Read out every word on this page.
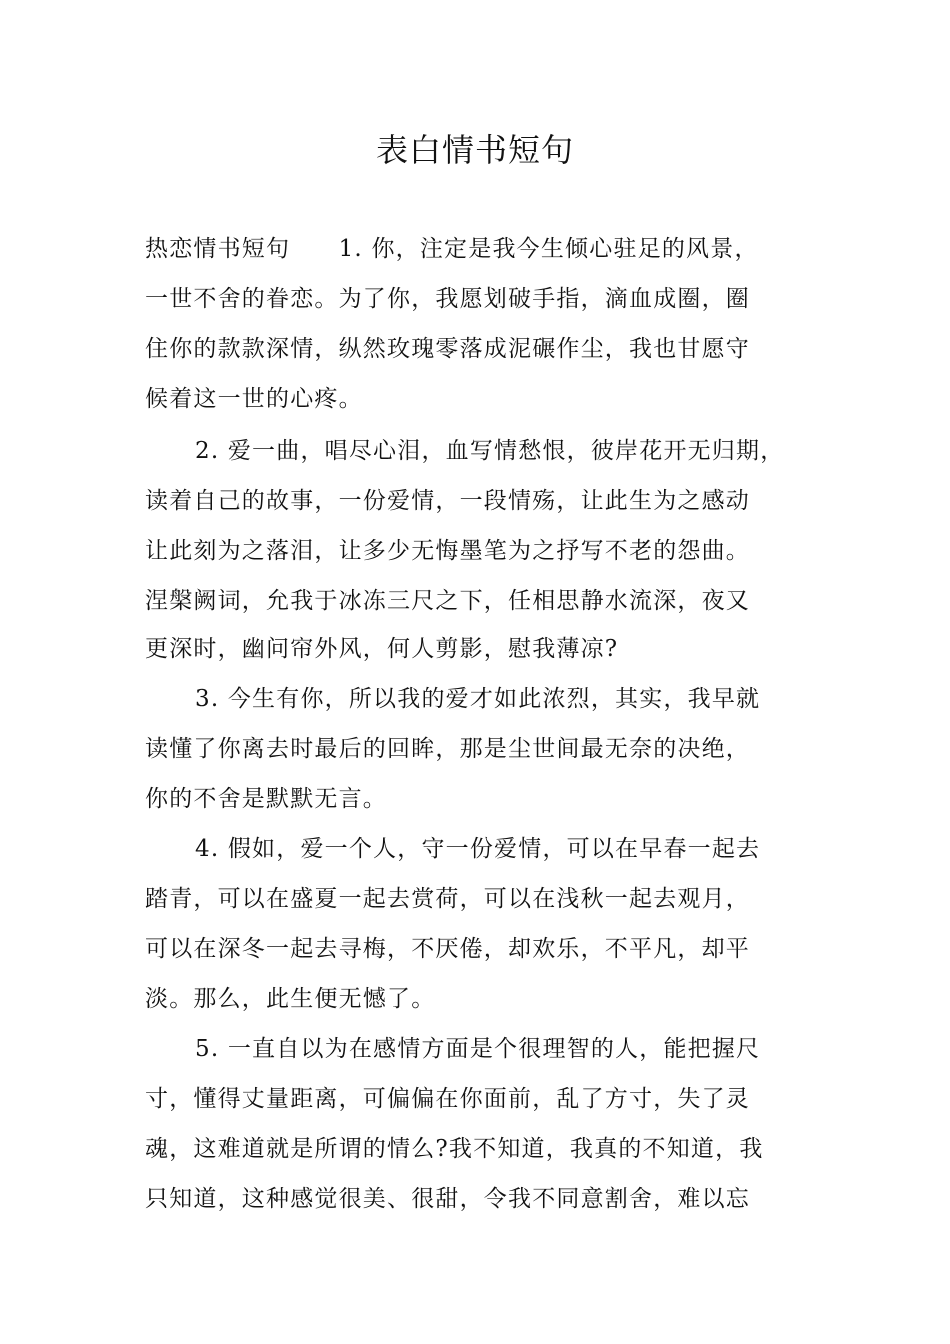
表白情书短句
热恋情书短句　　1. 你，注定是我今生倾心驻足的风景，
一世不舍的眷恋。为了你，我愿划破手指，滴血成圈，圈
住你的款款深情，纵然玫瑰零落成泥碾作尘，我也甘愿守
候着这一世的心疼。
2. 爱一曲，唱尽心泪，血写情愁恨，彼岸花开无归期，
读着自己的故事，一份爱情，一段情殇，让此生为之感动
让此刻为之落泪，让多少无悔墨笔为之抒写不老的怨曲。
涅槃阙词，允我于冰冻三尺之下，任相思静水流深，夜又
更深时，幽问帘外风，何人剪影，慰我薄凉?
3. 今生有你，所以我的爱才如此浓烈，其实，我早就
读懂了你离去时最后的回眸，那是尘世间最无奈的决绝，
你的不舍是默默无言。
4. 假如，爱一个人，守一份爱情，可以在早春一起去
踏青，可以在盛夏一起去赏荷，可以在浅秋一起去观月，
可以在深冬一起去寻梅，不厌倦，却欢乐，不平凡，却平
淡。那么，此生便无憾了。
5. 一直自以为在感情方面是个很理智的人，能把握尺
寸，懂得丈量距离，可偏偏在你面前，乱了方寸，失了灵
魂，这难道就是所谓的情么?我不知道，我真的不知道，我
只知道，这种感觉很美、很甜，令我不同意割舍，难以忘
